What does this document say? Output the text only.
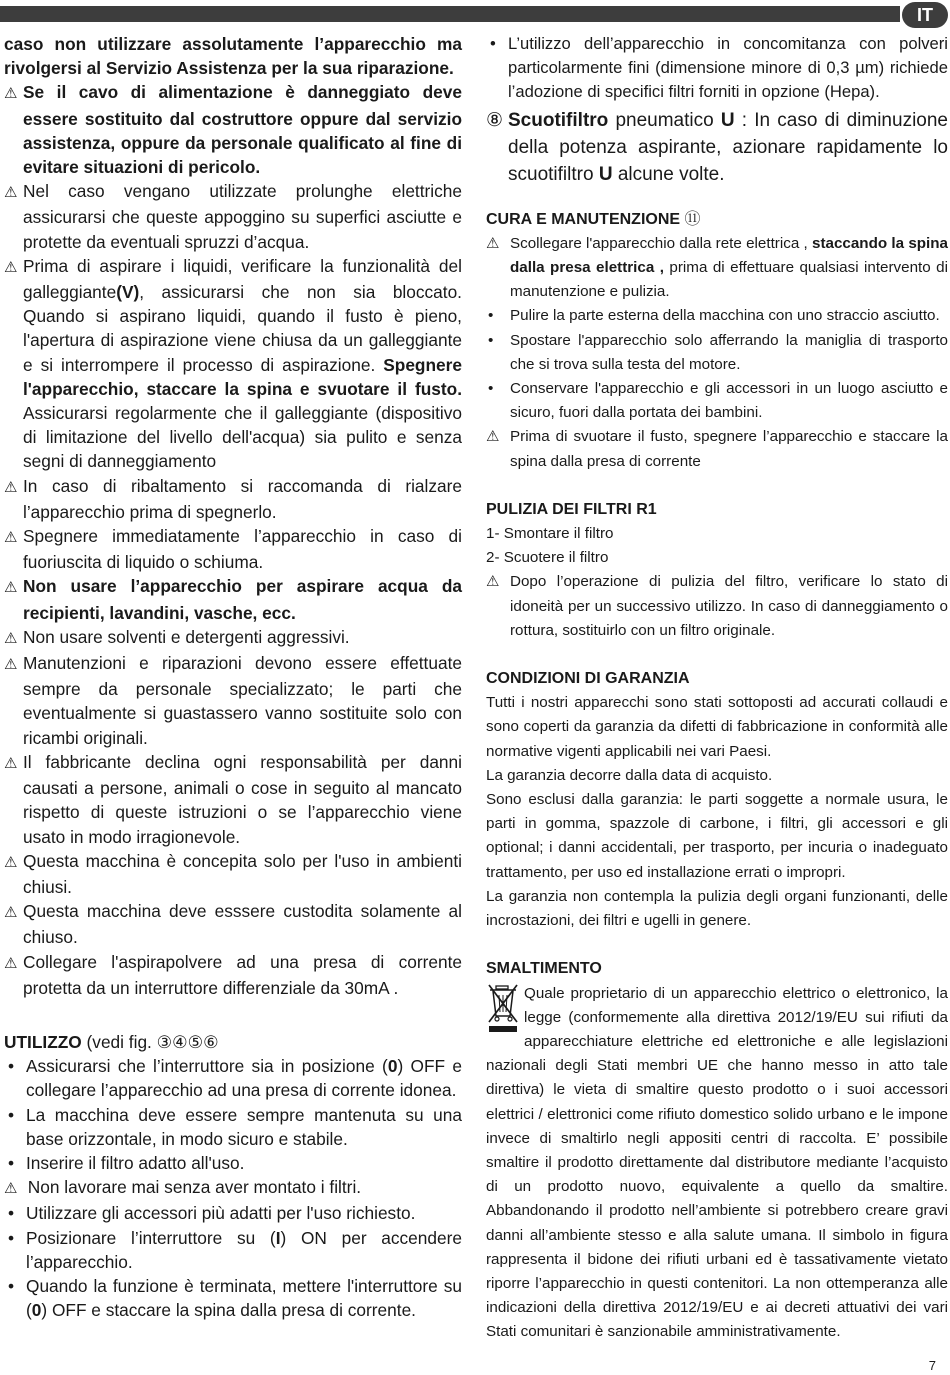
IT

caso non utilizzare assolutamente l’apparecchio ma rivolgersi al Servizio Assistenza per la sua riparazione.

⚠ Se il cavo di alimentazione è danneggiato deve essere sostituito dal costruttore oppure dal servizio assistenza, oppure da personale qualificato al fine di evitare situazioni di pericolo.

⚠ Nel caso vengano utilizzate prolunghe elettriche assicurarsi che queste appoggino su superfici asciutte e protette da eventuali spruzzi d’acqua.

⚠ Prima di aspirare i liquidi, verificare la funzionalità del galleggiante(V), assicurarsi che non sia bloccato. Quando si aspirano liquidi, quando il fusto è pieno, l'apertura di aspirazione viene chiusa da un galleggiante e si interrompere il processo di aspirazione. Spegnere l'apparecchio, staccare la spina e svuotare il fusto. Assicurarsi regolarmente che il galleggiante (dispositivo di limitazione del livello dell'acqua) sia pulito e senza segni di danneggiamento

⚠ In caso di ribaltamento si raccomanda di rialzare l’apparecchio prima di spegnerlo.

⚠ Spegnere immediatamente l’apparecchio in caso di fuoriuscita di liquido o schiuma.

⚠ Non usare l’apparecchio per aspirare acqua da recipienti, lavandini, vasche, ecc.

⚠ Non usare solventi e detergenti aggressivi.

⚠ Manutenzioni e riparazioni devono essere effettuate sempre da personale specializzato; le parti che eventualmente si guastassero vanno sostituite solo con ricambi originali.

⚠ Il fabbricante declina ogni responsabilità per danni causati a persone, animali o cose in seguito al mancato rispetto di queste istruzioni o se l’apparecchio viene usato in modo irragionevole.

⚠ Questa macchina è concepita solo per l'uso in ambienti chiusi.

⚠ Questa macchina deve esssere custodita solamente al chiuso.

⚠ Collegare l'aspirapolvere ad una presa di corrente protetta da un interruttore differenziale da 30mA .

UTILIZZO (vedi fig. ③④⑤⑥

• Assicurarsi che l’interruttore sia in posizione (0) OFF e collegare l’apparecchio ad una presa di corrente idonea.

• La macchina deve essere sempre mantenuta su una base orizzontale, in modo sicuro e stabile.

• Inserire il filtro adatto all'uso.

⚠ Non lavorare mai senza aver montato i filtri.

• Utilizzare gli accessori più adatti per l'uso richiesto.

• Posizionare l’interruttore su (I) ON per accendere l’apparecchio.

• Quando la funzione è terminata, mettere l'interruttore su (0) OFF e staccare la spina dalla presa di corrente.

• L’utilizzo dell’apparecchio in concomitanza con polveri particolarmente fini (dimensione minore di 0,3 µm) richiede l’adozione di specifici filtri forniti in opzione (Hepa).

⑧ Scuotifiltro pneumatico U : In caso di diminuzione della potenza aspirante, azionare rapidamente lo scuotifiltro U alcune volte.

CURA E MANUTENZIONE ⑪

⚠ Scollegare l'apparecchio dalla rete elettrica , staccando la spina dalla presa elettrica , prima di effettuare qualsiasi intervento di manutenzione e pulizia.

• Pulire la parte esterna della macchina con uno straccio asciutto.

• Spostare l'apparecchio solo afferrando la maniglia di trasporto che si trova sulla testa del motore.

• Conservare l'apparecchio e gli accessori in un luogo asciutto e sicuro, fuori dalla portata dei bambini.

⚠ Prima di svuotare il fusto, spegnere l’apparecchio e staccare la spina dalla presa di corrente

PULIZIA DEI FILTRI R1

1- Smontare il filtro

2- Scuotere il filtro

⚠ Dopo l’operazione di pulizia del filtro, verificare lo stato di idoneità per un successivo utilizzo. In caso di danneggiamento o rottura, sostituirlo con un filtro originale.

CONDIZIONI DI GARANZIA

Tutti i nostri apparecchi sono stati sottoposti ad accurati collaudi e sono coperti da garanzia da difetti di fabbricazione in conformità alle normative vigenti applicabili nei vari Paesi.

La garanzia decorre dalla data di acquisto.

Sono esclusi dalla garanzia: le parti soggette a normale usura, le parti in gomma, spazzole di carbone, i filtri, gli accessori e gli optional; i danni accidentali, per trasporto, per incuria o inadeguato trattamento, per uso ed installazione errati o impropri.

La garanzia non contempla la pulizia degli organi funzionanti, delle incrostazioni, dei filtri e ugelli in genere.

SMALTIMENTO

Quale proprietario di un apparecchio elettrico o elettronico, la legge (conformemente alla direttiva 2012/19/EU sui rifiuti da apparecchiature elettriche ed elettroniche e alle legislazioni nazionali degli Stati membri UE che hanno messo in atto tale direttiva) le vieta di smaltire questo prodotto o i suoi accessori elettrici / elettronici come rifiuto domestico solido urbano e le impone invece di smaltirlo negli appositi centri di raccolta. E’ possibile smaltire il prodotto direttamente dal distributore mediante l’acquisto di un prodotto nuovo, equivalente a quello da smaltire. Abbandonando il prodotto nell’ambiente si potrebbero creare gravi danni all’ambiente stesso e alla salute umana. Il simbolo in figura rappresenta il bidone dei rifiuti urbani ed è tassativamente vietato riporre l’apparecchio in questi contenitori. La non ottemperanza alle indicazioni della direttiva 2012/19/EU e ai decreti attuativi dei vari Stati comunitari è sanzionabile amministrativamente.

7
